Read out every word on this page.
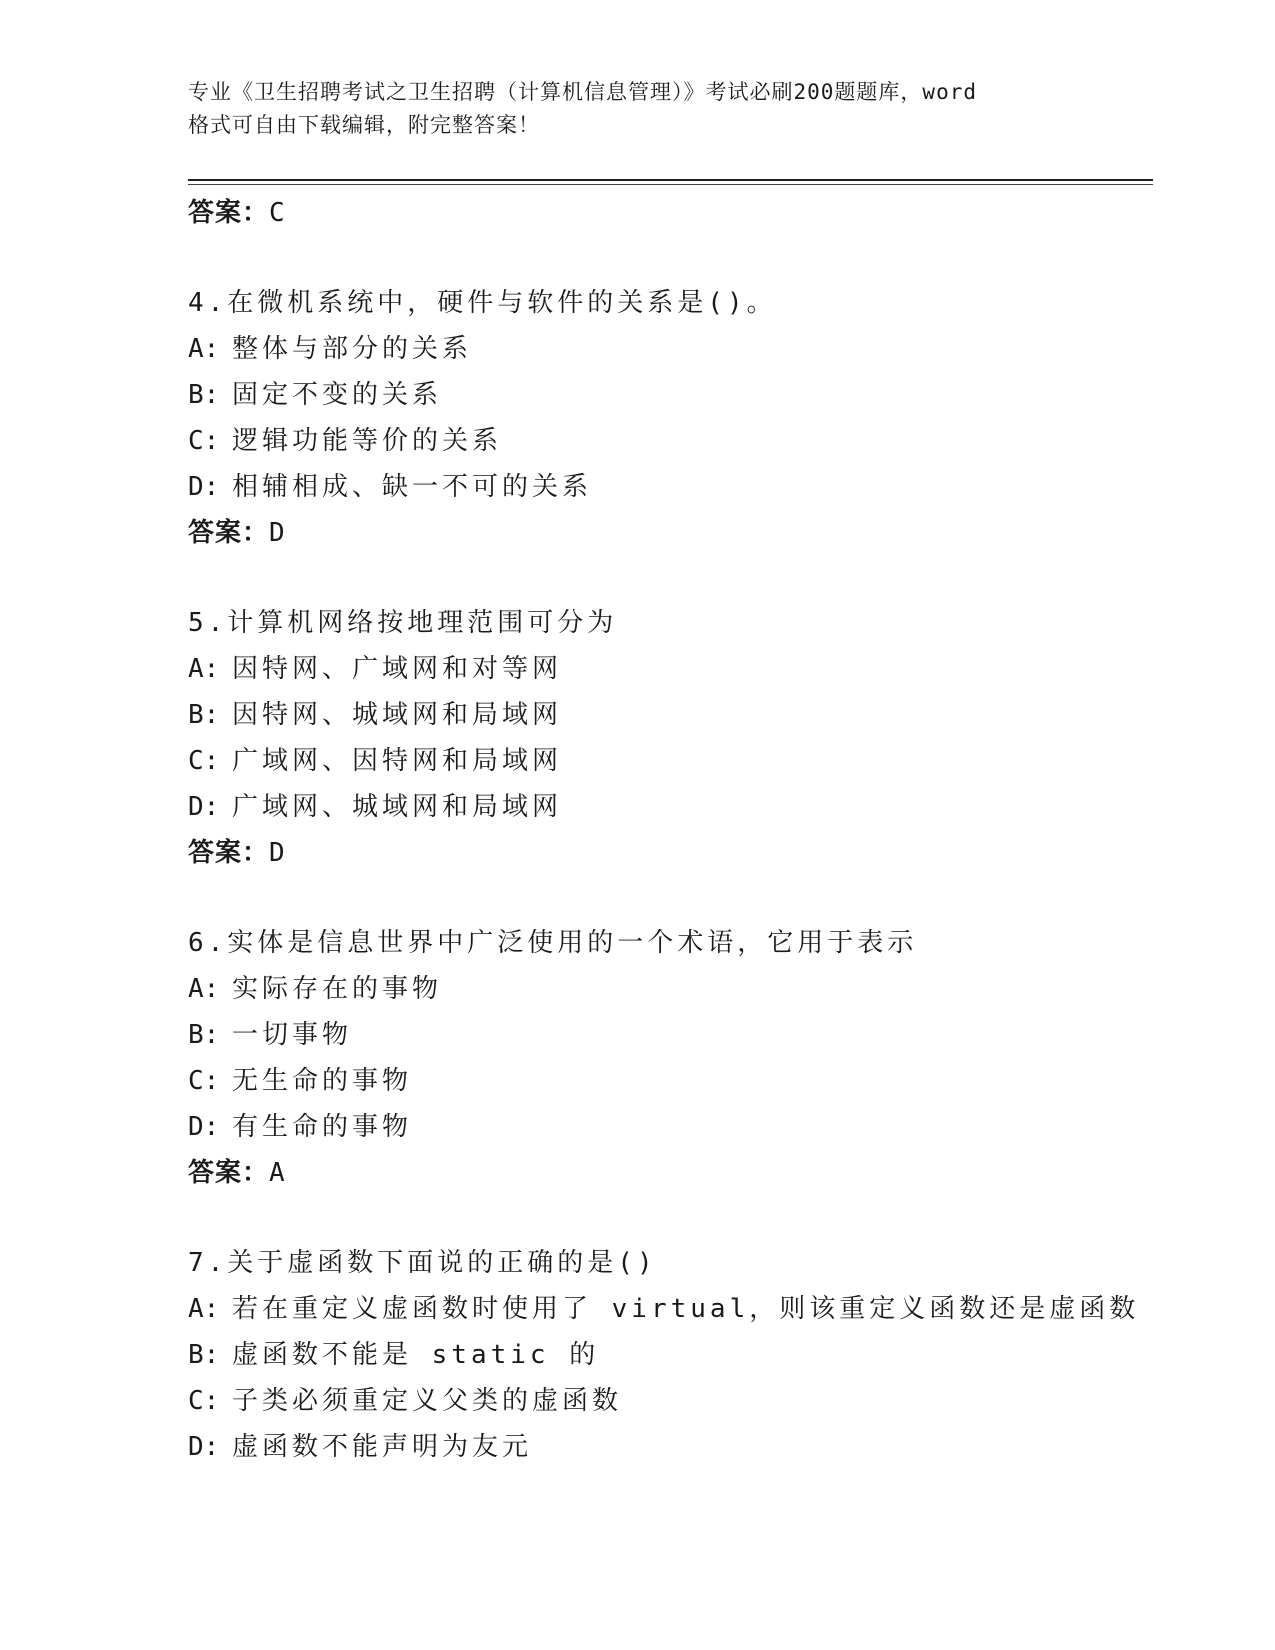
专业《卫生招聘考试之卫生招聘（计算机信息管理）》考试必刷200题题库，word
格式可自由下载编辑，附完整答案！
答案：C
4.在微机系统中，硬件与软件的关系是()。
A: 整体与部分的关系
B: 固定不变的关系
C: 逻辑功能等价的关系
D: 相辅相成、缺一不可的关系
答案：D
5.计算机网络按地理范围可分为
A: 因特网、广域网和对等网
B: 因特网、城域网和局域网
C: 广域网、因特网和局域网
D: 广域网、城域网和局域网
答案：D
6.实体是信息世界中广泛使用的一个术语，它用于表示
A: 实际存在的事物
B: 一切事物
C: 无生命的事物
D: 有生命的事物
答案：A
7.关于虚函数下面说的正确的是()
A: 若在重定义虚函数时使用了 virtual，则该重定义函数还是虚函数
B: 虚函数不能是 static 的
C: 子类必须重定义父类的虚函数
D: 虚函数不能声明为友元
